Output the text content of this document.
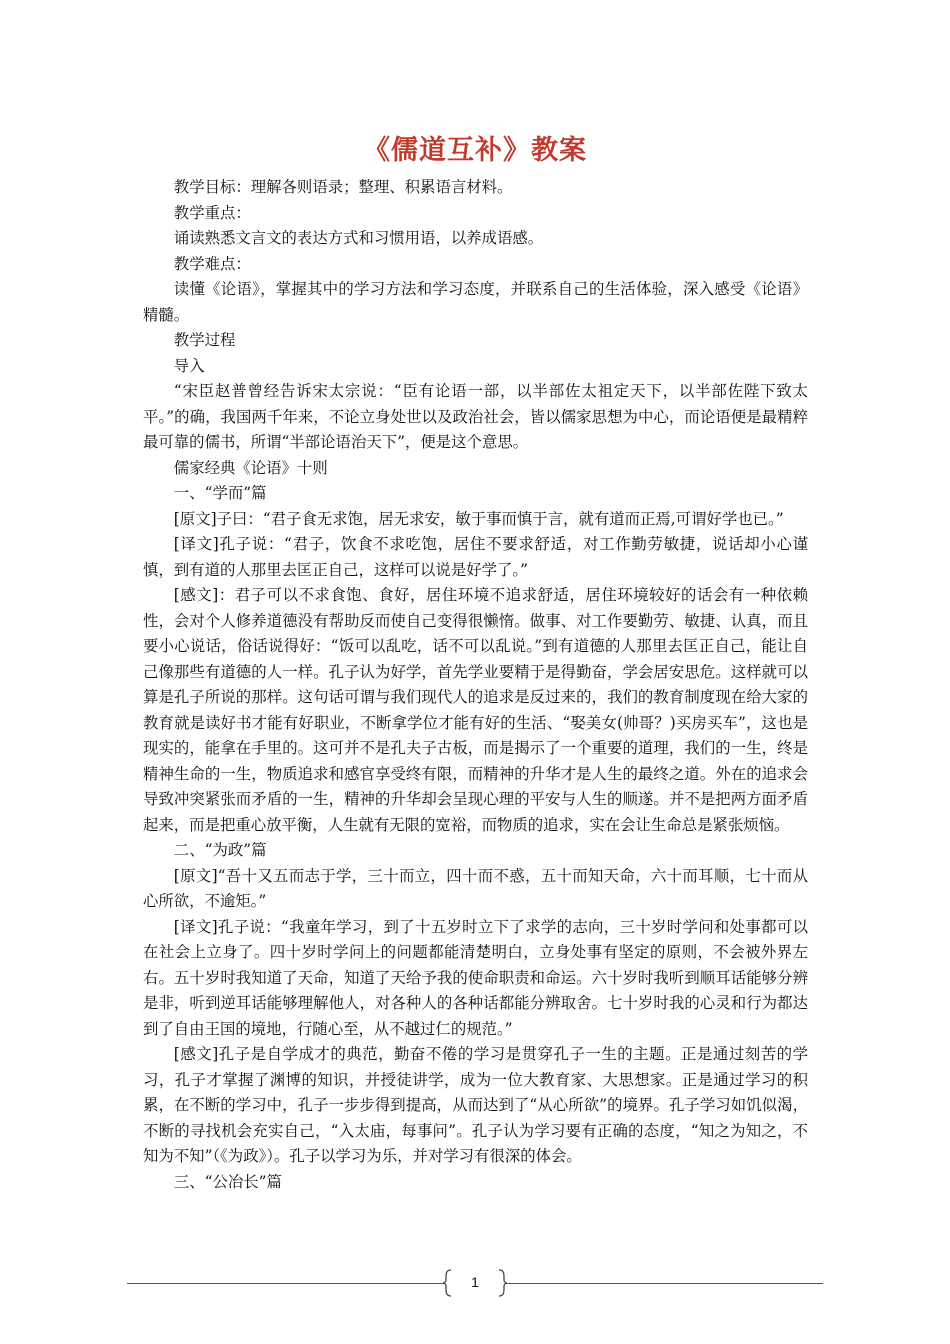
《儒道互补》教案

教学目标：理解各则语录；整理、积累语言材料。

教学重点：

诵读熟悉文言文的表达方式和习惯用语，以养成语感。

教学难点：

读懂《论语》，掌握其中的学习方法和学习态度，并联系自己的生活体验，深入感受《论语》精髓。

教学过程

导入

“宋臣赵普曾经告诉宋太宗说：“臣有论语一部，以半部佐太祖定天下，以半部佐陛下致太平。”的确，我国两千年来，不论立身处世以及政治社会，皆以儒家思想为中心，而论语便是最精粹最可靠的儒书，所谓“半部论语治天下”，便是这个意思。

儒家经典《论语》十则

一、“学而”篇

[原文]子曰：“君子食无求饱，居无求安，敏于事而慎于言，就有道而正焉,可谓好学也已。”

[译文]孔子说：“君子，饮食不求吃饱，居住不要求舒适，对工作勤劳敏捷，说话却小心谨慎，到有道的人那里去匡正自己，这样可以说是好学了。”

[感文]：君子可以不求食饱、食好，居住环境不追求舒适，居住环境较好的话会有一种依赖性，会对个人修养道德没有帮助反而使自己变得很懒惰。做事、对工作要勤劳、敏捷、认真，而且要小心说话，俗话说得好：“饭可以乱吃，话不可以乱说。”到有道德的人那里去匡正自己，能让自己像那些有道德的人一样。孔子认为好学，首先学业要精于是得勤奋，学会居安思危。这样就可以算是孔子所说的那样。这句话可谓与我们现代人的追求是反过来的，我们的教育制度现在给大家的教育就是读好书才能有好职业，不断拿学位才能有好的生活、“娶美女(帅哥？)买房买车”，这也是现实的，能拿在手里的。这可并不是孔夫子古板，而是揭示了一个重要的道理，我们的一生，终是精神生命的一生，物质追求和感官享受终有限，而精神的升华才是人生的最终之道。外在的追求会导致冲突紧张而矛盾的一生，精神的升华却会呈现心理的平安与人生的顺遂。并不是把两方面矛盾起来，而是把重心放平衡，人生就有无限的宽裕，而物质的追求，实在会让生命总是紧张烦恼。

二、“为政”篇

[原文]“吾十又五而志于学，三十而立，四十而不惑，五十而知天命，六十而耳顺，七十而从心所欲，不逾矩。”

[译文]孔子说：“我童年学习，到了十五岁时立下了求学的志向，三十岁时学问和处事都可以在社会上立身了。四十岁时学问上的问题都能清楚明白，立身处事有坚定的原则，不会被外界左右。五十岁时我知道了天命，知道了天给予我的使命职责和命运。六十岁时我听到顺耳话能够分辨是非，听到逆耳话能够理解他人，对各种人的各种话都能分辨取舍。七十岁时我的心灵和行为都达到了自由王国的境地，行随心至，从不越过仁的规范。”

[感文]孔子是自学成才的典范，勤奋不倦的学习是贯穿孔子一生的主题。正是通过刻苦的学习，孔子才掌握了渊博的知识，并授徒讲学，成为一位大教育家、大思想家。正是通过学习的积累，在不断的学习中，孔子一步步得到提高，从而达到了“从心所欲”的境界。孔子学习如饥似渴，不断的寻找机会充实自己，“入太庙，每事问”。孔子认为学习要有正确的态度，“知之为知之，不知为不知”（《为政》）。孔子以学习为乐，并对学习有很深的体会。

三、“公冶长”篇

1
